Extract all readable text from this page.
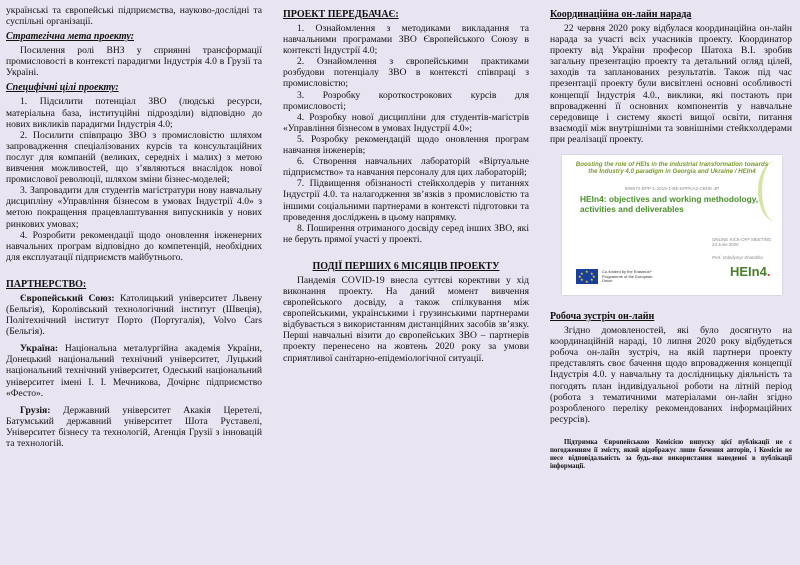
українські та європейські підприємства, науково-дослідні та суспільні організації.

Стратегічна мета проекту:

Посилення ролі ВНЗ у сприянні трансформації промисловості в контексті парадигми Індустрія 4.0 в Грузії та Україні.

Специфічні цілі проекту:

1. Підсилити потенціал ЗВО (людські ресурси, матеріальна база, інституційні підрозділи) відповідно до нових викликів парадигми Індустрія 4.0;

2. Посилити співпрацю ЗВО з промисловістю шляхом запровадження спеціалізованих курсів та консультаційних послуг для компаній (великих, середніх і малих) з метою вивчення можливостей, що з’являються внаслідок нової промислової революції, шляхом зміни бізнес-моделей;

3. Запровадити для студентів магістратури нову навчальну дисципліну «Управління бізнесом в умовах Індустрії 4.0» з метою покращення працевлаштування випускників у нових ринкових умовах;

4. Розробити рекомендації щодо оновлення інженерних навчальних програм відповідно до компетенцій, необхідних для експлуатації підприємств майбутнього.

ПАРТНЕРСТВО:

Європейський Союз: Католицький університет Львену (Бельгія), Королівський технологічний інститут (Швеція), Політехнічний інститут Порто (Португалія), Volvo Cars (Бельгія).

Україна: Національна металургійна академія України, Донецький національний технічний університет, Луцький національний технічний університет, Одеський національний університет імені І. І. Мечникова, Дочірнє підприємство «Фесто».

Грузія: Державний університет Акакія Церетелі, Батумський державний університет Шота Руставелі, Університет бізнесу та технологій, Агенція Грузії з інновацій та технологій.

ПРОЕКТ ПЕРЕДБАЧАЄ:

1. Ознайомлення з методиками викладання та навчальними програмами ЗВО Європейського Союзу в контексті Індустрії 4.0;

2. Ознайомлення з європейськими практиками розбудови потенціалу ЗВО в контексті співпраці з промисловістю;

3. Розробку короткострокових курсів для промисловості;

4. Розробку нової дисципліни для студентів-магістрів «Управління бізнесом в умовах Індустрії 4.0»;

5. Розробку рекомендацій щодо оновлення програм навчання інженерів;

6. Створення навчальних лабораторій «Віртуальне підприємство» та навчання персоналу для цих лабораторій;

7. Підвищення обізнаності стейкхолдерів у питаннях Індустрії 4.0. та налагодження зв’язків з промисловістю та іншими соціальними партнерами в контексті підготовки та проведення досліджень в цьому напрямку.

8. Поширення отриманого досвіду серед інших ЗВО, які не беруть прямої участі у проекті.

ПОДІЇ ПЕРШИХ 6 МІСЯЦІВ ПРОЕКТУ

Пандемія COVID-19 внесла суттєві корективи у хід виконання проекту. На даний момент вивчення європейського досвіду, а також спілкування між європейськими, українськими і грузинськими партнерами відбувається з використанням дистанційних засобів зв’язку. Перші навчальні візити до європейських ЗВО – партнерів проекту перенесено на жовтень 2020 року за умови сприятливої санітарно-епідеміологічної ситуації.

Координаційна он-лайн нарада

22 червня 2020 року відбулася координаційна он-лайн нарада за участі всіх учасників проекту. Координатор проекту від України професор Шатоха В.І. зробив загальну презентацію проекту та детальний огляд цілей, заходів та запланованих результатів. Також під час презентації проекту були висвітлені основні особливості концепції Індустрія 4.0., виклики, які постають при впровадженні її основних компонентів у навчальне середовище і систему якості вищої освіти, питання взаємодії між внутрішніми та зовнішніми стейкхолдерами при реалізації проекту.

Boosting the role of HEIs in the industrial transformation towards the Industry 4.0 paradigm in Georgia and Ukraine / HEIn4
609570-EPP-1-2019-1-BE-EPPKA2-CBHE-JP
HEIn4: objectives and working methodology, activities and deliverables
ONLINE KICK-OFF MEETING
23 June 2020
Prof. Volodymyr Shatokha
★
★ ★
★	★
★ ★
★
Co-funded by the Erasmus+ Programme of the European Union
HEIn4.
Робоча зустріч он-лайн

Згідно домовленостей, які було досягнуто на координаційній нараді, 10 липня 2020 року відбудеться робоча он-лайн зустріч, на якій партнери проекту представлять своє бачення щодо впровадження концепції Індустрія 4.0. у навчальну та дослідницьку діяльність та погодять план індивідуальної роботи на літній період (робота з тематичними матеріалами он-лайн згідно розробленого переліку рекомендованих інформаційних ресурсів).

Підтримка Європейською Комісією випуску цієї публікації не є погодженням її змісту, який відображує лише бачення авторів, і Комісія не несе відповідальність за будь-яке використання наведеної в публікації інформації.
